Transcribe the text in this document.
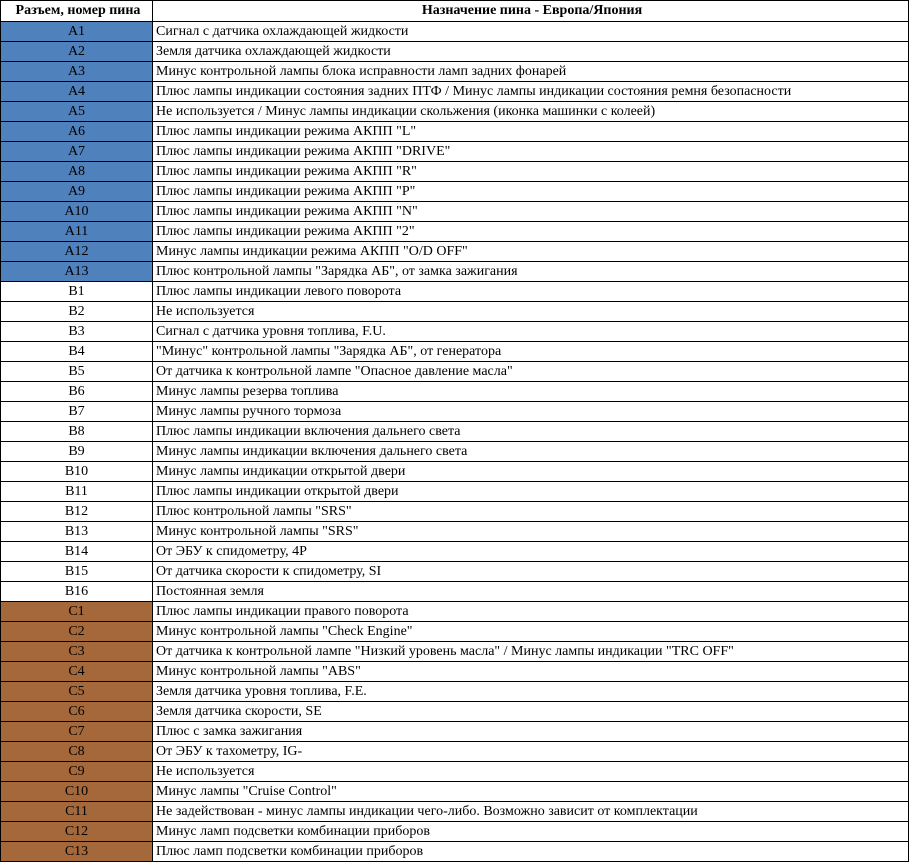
Разъем, номер пина	Назначение пина - Европа/Япония
A1	Сигнал с датчика охлаждающей жидкости
A2	Земля датчика охлаждающей жидкости
A3	Минус контрольной лампы блока исправности ламп задних фонарей
A4	Плюс лампы индикации состояния задних ПТФ / Минус лампы индикации состояния ремня безопасности
A5	Не используется / Минус лампы индикации скольжения (иконка машинки с колеей)
A6	Плюс лампы индикации режима АКПП "L"
A7	Плюс лампы индикации режима АКПП "DRIVE"
A8	Плюс лампы индикации режима АКПП "R"
A9	Плюс лампы индикации режима АКПП "P"
A10	Плюс лампы индикации режима АКПП "N"
A11	Плюс лампы индикации режима АКПП "2"
A12	Минус лампы индикации режима АКПП "O/D OFF"
A13	Плюс контрольной лампы "Зарядка АБ", от замка зажигания
B1	Плюс лампы индикации левого поворота
B2	Не используется
B3	Сигнал с датчика уровня топлива, F.U.
B4	"Минус" контрольной лампы "Зарядка АБ", от генератора
B5	От датчика к контрольной лампе "Опасное давление масла"
B6	Минус лампы резерва топлива
B7	Минус лампы ручного тормоза
B8	Плюс лампы индикации включения дальнего света
B9	Минус лампы индикации включения дальнего света
B10	Минус лампы индикации открытой двери
B11	Плюс лампы индикации открытой двери
B12	Плюс контрольной лампы "SRS"
B13	Минус контрольной лампы "SRS"
B14	От ЭБУ к спидометру, 4P
B15	От датчика скорости к спидометру, SI
B16	Постоянная земля
C1	Плюс лампы индикации правого поворота
C2	Минус контрольной лампы "Check Engine"
C3	От датчика к контрольной лампе "Низкий уровень масла" / Минус лампы индикации "TRC OFF"
C4	Минус контрольной лампы "ABS"
C5	Земля датчика уровня топлива, F.E.
C6	Земля датчика скорости, SE
C7	Плюс с замка зажигания
C8	От ЭБУ к тахометру, IG-
C9	Не используется
C10	Минус лампы "Cruise Control"
C11	Не задействован - минус лампы индикации чего-либо. Возможно зависит от комплектации
C12	Минус ламп подсветки комбинации приборов
C13	Плюс ламп подсветки комбинации приборов
